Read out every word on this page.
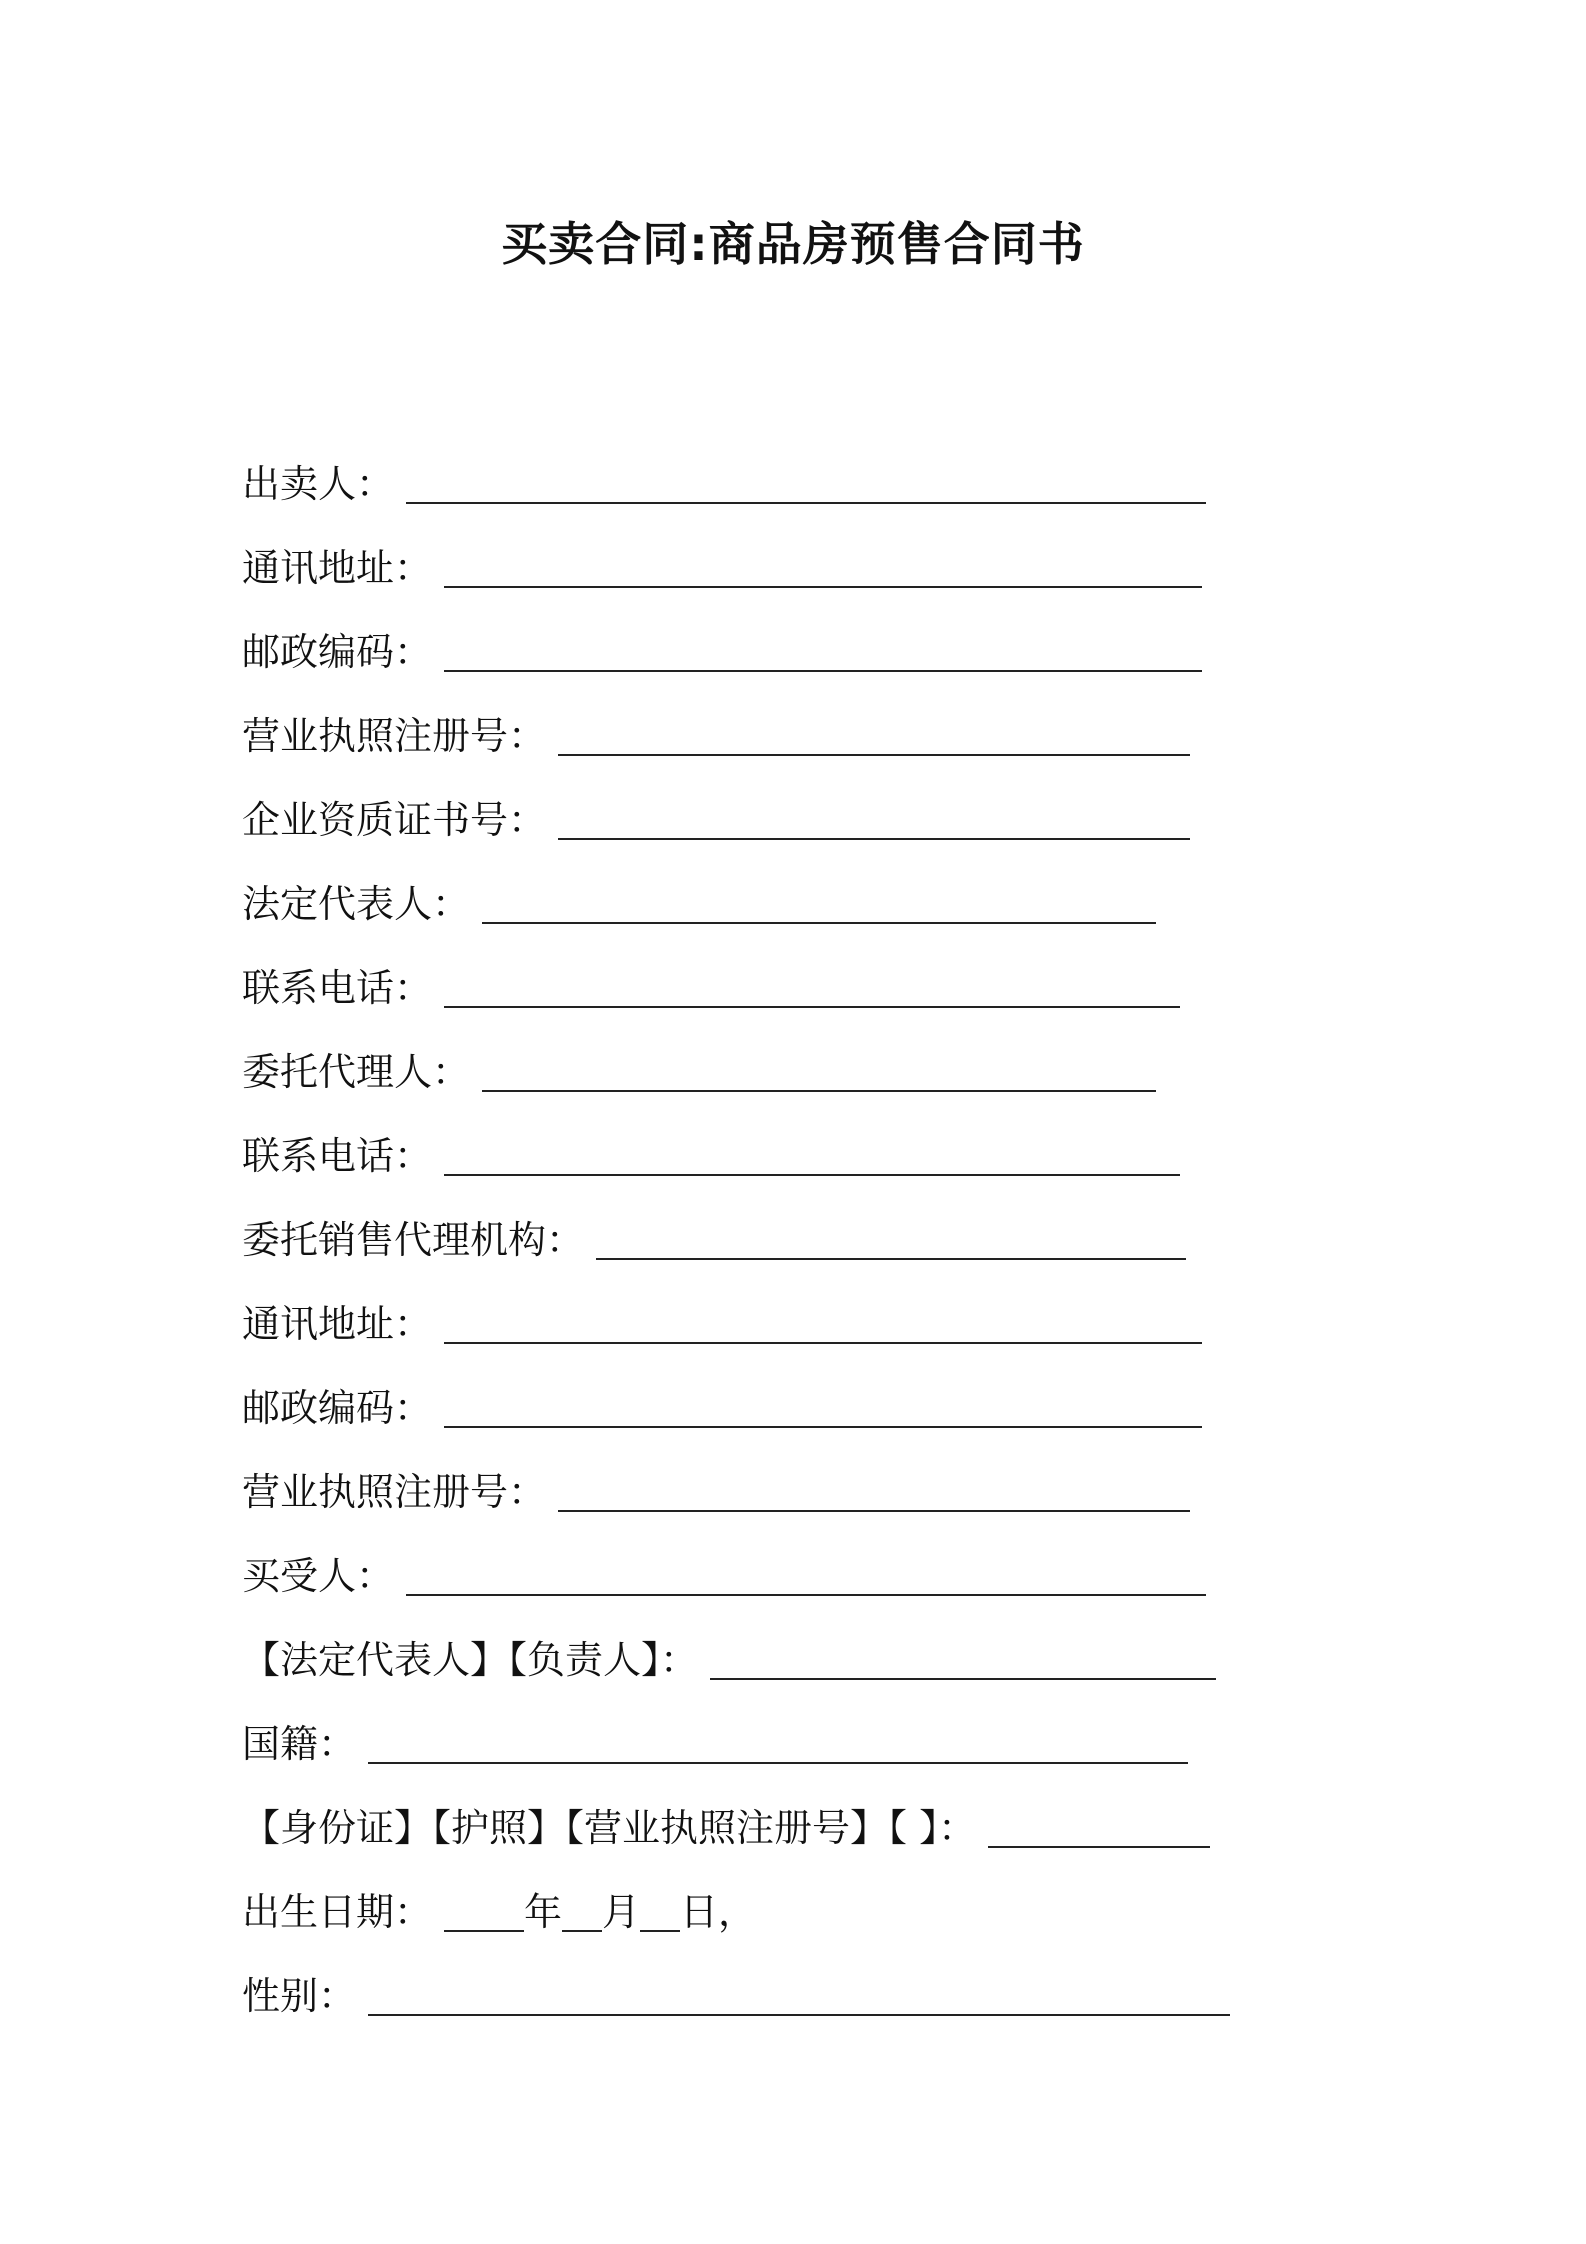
买卖合同:商品房预售合同书
出卖人：
通讯地址：
邮政编码：
营业执照注册号：
企业资质证书号：
法定代表人：
联系电话：
委托代理人：
联系电话：
委托销售代理机构：
通讯地址：
邮政编码：
营业执照注册号：
买受人：
【法定代表人】【负责人】：
国籍：
【身份证】【护照】【营业执照注册号】【 】：
出生日期： 年 月 日，
性别：
